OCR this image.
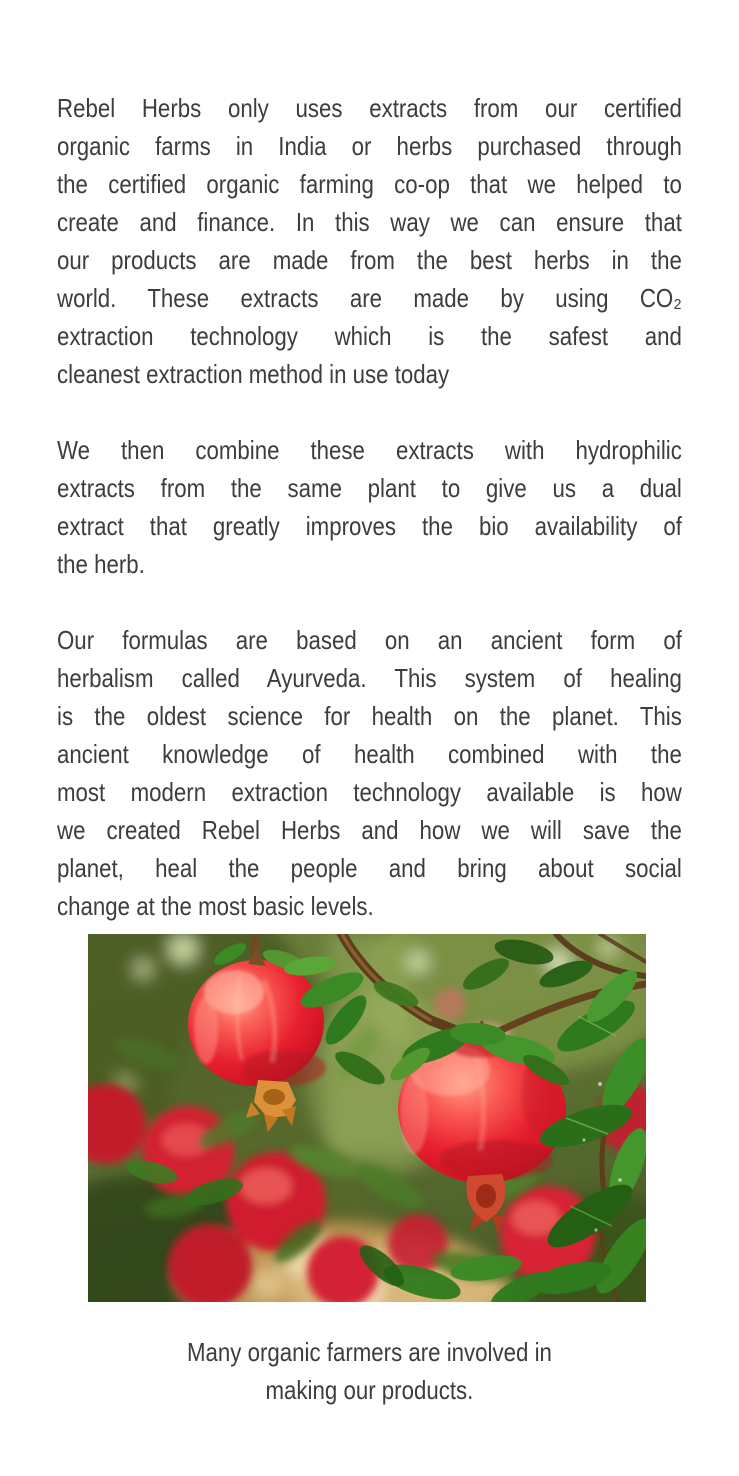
Rebel Herbs only uses extracts from our certified
organic farms in India or herbs purchased through
the certified organic farming co-op that we helped to
create and finance. In this way we can ensure that
our products are made from the best herbs in the
world. These extracts are made by using CO₂
extraction technology which is the safest and
cleanest extraction method in use today
We then combine these extracts with hydrophilic
extracts from the same plant to give us a dual
extract that greatly improves the bio availability of
the herb.
Our formulas are based on an ancient form of
herbalism called Ayurveda. This system of healing
is the oldest science for health on the planet. This
ancient knowledge of health combined with the
most modern extraction technology available is how
we created Rebel Herbs and how we will save the
planet, heal the people and bring about social
change at the most basic levels.
Many organic farmers are involved in
making our products.
